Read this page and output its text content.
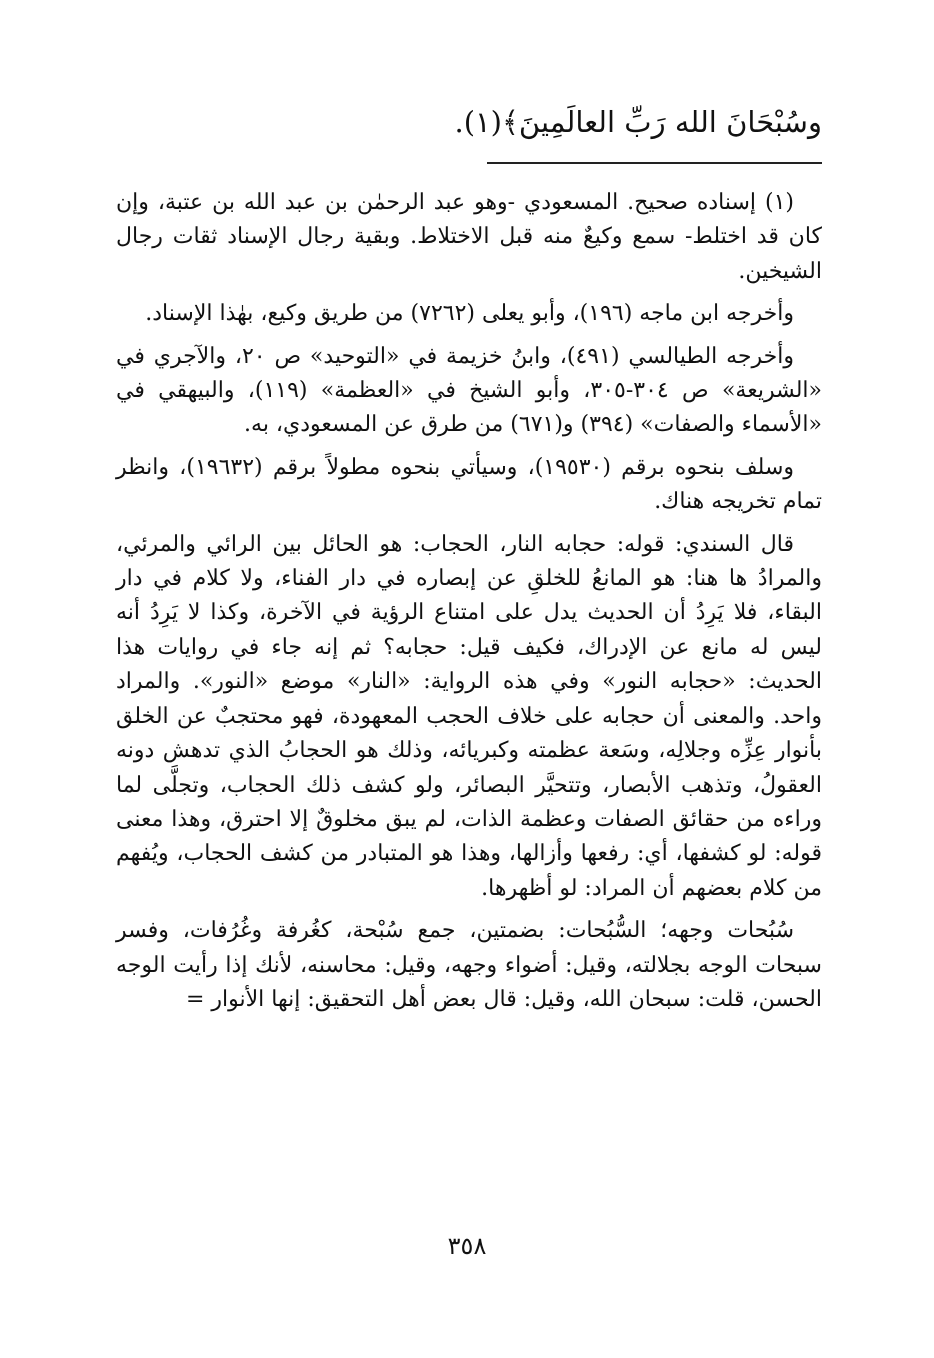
وسُبْحَانَ الله رَبِّ العالَمِينَ﴾(١).

(١) إسناده صحيح. المسعودي -وهو عبد الرحمٰن بن عبد الله بن عتبة، وإن كان قد اختلط- سمع وكيعٌ منه قبل الاختلاط. وبقية رجال الإسناد ثقات رجال الشيخين.

وأخرجه ابن ماجه (١٩٦)، وأبو يعلى (٧٢٦٢) من طريق وكيع، بهٰذا الإسناد.

وأخرجه الطيالسي (٤٩١)، وابنُ خزيمة في «التوحيد» ص ٢٠، والآجري في «الشريعة» ص ٣٠٤-٣٠٥، وأبو الشيخ في «العظمة» (١١٩)، والبيهقي في «الأسماء والصفات» (٣٩٤) و(٦٧١) من طرق عن المسعودي، به.

وسلف بنحوه برقم (١٩٥٣٠)، وسيأتي بنحوه مطولاً برقم (١٩٦٣٢)، وانظر تمام تخريجه هناك.

قال السندي: قوله: حجابه النار، الحجاب: هو الحائل بين الرائي والمرئي، والمرادُ ها هنا: هو المانعُ للخلقِ عن إبصاره في دار الفناء، ولا كلام في دار البقاء، فلا يَرِدُ أن الحديث يدل على امتناع الرؤية في الآخرة، وكذا لا يَرِدُ أنه ليس له مانع عن الإدراك، فكيف قيل: حجابه؟ ثم إنه جاء في روايات هذا الحديث: «حجابه النور» وفي هذه الرواية: «النار» موضع «النور». والمراد واحد. والمعنى أن حجابه على خلاف الحجب المعهودة، فهو محتجبٌ عن الخلق بأنوار عِزِّه وجلالِه، وسَعة عظمته وكبريائه، وذلك هو الحجابُ الذي تدهش دونه العقولُ، وتذهب الأبصار، وتتحيَّر البصائر، ولو كشف ذلك الحجاب، وتجلَّى لما وراءه من حقائق الصفات وعظمة الذات، لم يبق مخلوقٌ إلا احترق، وهذا معنى قوله: لو كشفها، أي: رفعها وأزالها، وهذا هو المتبادر من كشف الحجاب، ويُفهم من كلام بعضهم أن المراد: لو أظهرها.

سُبُحات وجهه؛ السُّبُحات: بضمتين، جمع سُبْحة، كغُرفة وغُرُفات، وفسر سبحات الوجه بجلالته، وقيل: أضواء وجهه، وقيل: محاسنه، لأنك إذا رأيت الوجه الحسن، قلت: سبحان الله، وقيل: قال بعض أهل التحقيق: إنها الأنوار =

٣٥٨
